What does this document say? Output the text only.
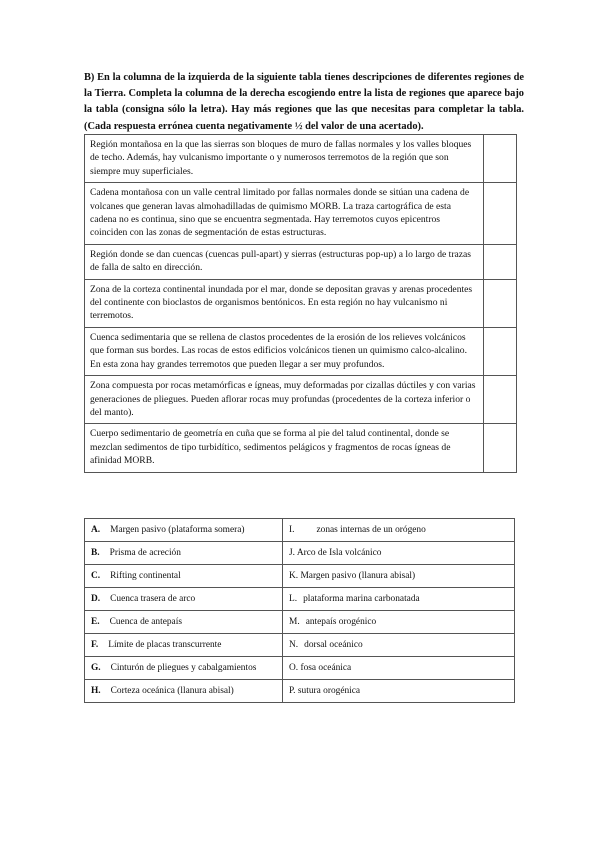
B) En la columna de la izquierda de la siguiente tabla tienes descripciones de diferentes regiones de la Tierra. Completa la columna de la derecha escogiendo entre la lista de regiones que aparece bajo la tabla (consigna sólo la letra). Hay más regiones que las que necesitas para completar la tabla. (Cada respuesta errónea cuenta negativamente ½ del valor de una acertado).
Región montañosa en la que las sierras son bloques de muro de fallas normales y los valles bloques de techo. Además, hay vulcanismo importante o y numerosos terremotos de la región que son siempre muy superficiales.	
Cadena montañosa con un valle central limitado por fallas normales donde se sitúan una cadena de volcanes que generan lavas almohadilladas de quimismo MORB. La traza cartográfica de esta cadena no es continua, sino que se encuentra segmentada. Hay terremotos cuyos epicentros coinciden con las zonas de segmentación de estas estructuras.	
Región donde se dan cuencas (cuencas pull-apart) y sierras (estructuras pop-up) a lo largo de trazas de falla de salto en dirección.	
Zona de la corteza continental inundada por el mar, donde se depositan gravas y arenas procedentes del continente con bioclastos de organismos bentónicos. En esta región no hay vulcanismo ni terremotos.	
Cuenca sedimentaria que se rellena de clastos procedentes de la erosión de los relieves volcánicos que forman sus bordes. Las rocas de estos edificios volcánicos tienen un quimismo calco-alcalino. En esta zona hay grandes terremotos que pueden llegar a ser muy profundos.	
Zona compuesta por rocas metamórficas e ígneas, muy deformadas por cizallas dúctiles y con varias generaciones de pliegues. Pueden aflorar rocas muy profundas (procedentes de la corteza inferior o del manto).	
Cuerpo sedimentario de geometría en cuña que se forma al pie del talud continental, donde se mezclan sedimentos de tipo turbidítico, sedimentos pelágicos y fragmentos de rocas ígneas de afinidad MORB.	
A. Margen pasivo (plataforma somera)	I. zonas internas de un orógeno
B. Prisma de acreción	J. Arco de Isla volcánico
C. Rifting continental	K. Margen pasivo (llanura abisal)
D. Cuenca trasera de arco	L. plataforma marina carbonatada
E. Cuenca de antepaís	M. antepaís orogénico
F. Límite de placas transcurrente	N. dorsal oceánico
G. Cinturón de pliegues y cabalgamientos	O. fosa oceánica
H. Corteza oceánica (llanura abisal)	P. sutura orogénica
